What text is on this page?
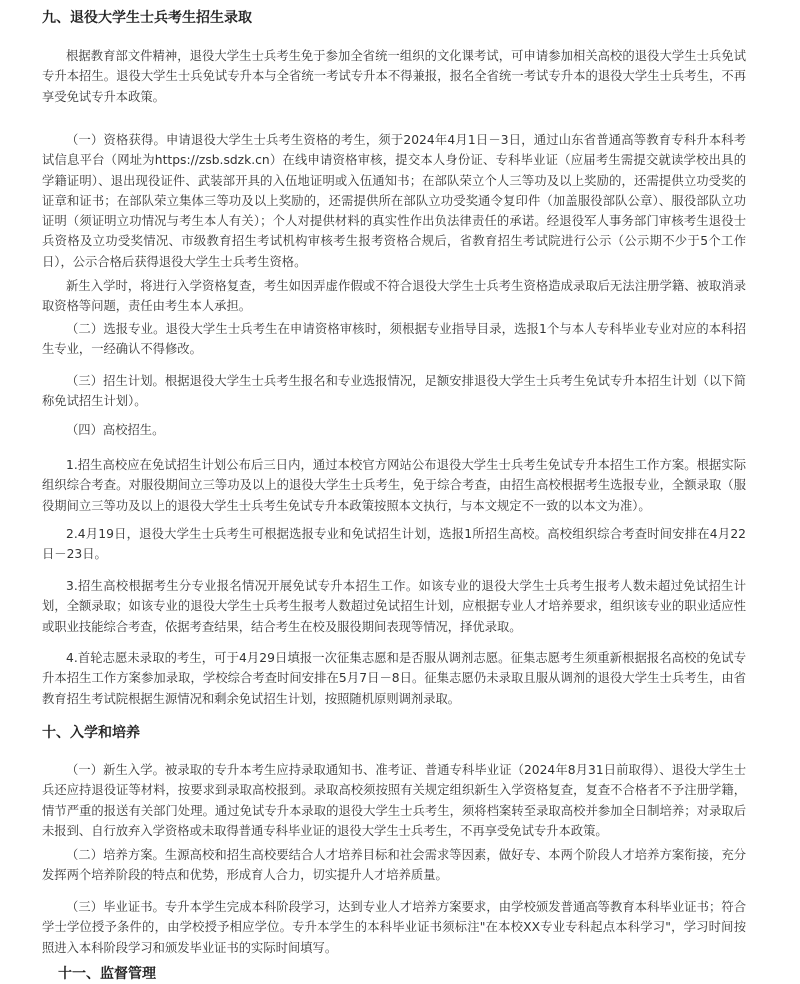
九、退役大学生士兵考生招生录取

根据教育部文件精神，退役大学生士兵考生免于参加全省统一组织的文化课考试，可申请参加相关高校的退役大学生士兵免试专升本招生。退役大学生士兵免试专升本与全省统一考试专升本不得兼报，报名全省统一考试专升本的退役大学生士兵考生，不再享受免试专升本政策。

（一）资格获得。申请退役大学生士兵考生资格的考生，须于2024年4月1日－3日，通过山东省普通高等教育专科升本科考试信息平台（网址为https://zsb.sdzk.cn）在线申请资格审核，提交本人身份证、专科毕业证（应届考生需提交就读学校出具的学籍证明）、退出现役证件、武装部开具的入伍地证明或入伍通知书；在部队荣立个人三等功及以上奖励的，还需提供立功受奖的证章和证书；在部队荣立集体三等功及以上奖励的，还需提供所在部队立功受奖通令复印件（加盖服役部队公章）、服役部队立功证明（须证明立功情况与考生本人有关）；个人对提供材料的真实性作出负法律责任的承诺。经退役军人事务部门审核考生退役士兵资格及立功受奖情况、市级教育招生考试机构审核考生报考资格合规后，省教育招生考试院进行公示（公示期不少于5个工作日），公示合格后获得退役大学生士兵考生资格。

新生入学时，将进行入学资格复查，考生如因弄虚作假或不符合退役大学生士兵考生资格造成录取后无法注册学籍、被取消录取资格等问题，责任由考生本人承担。

（二）选报专业。退役大学生士兵考生在申请资格审核时，须根据专业指导目录，选报1个与本人专科毕业专业对应的本科招生专业，一经确认不得修改。

（三）招生计划。根据退役大学生士兵考生报名和专业选报情况，足额安排退役大学生士兵考生免试专升本招生计划（以下简称免试招生计划）。

（四）高校招生。

1.招生高校应在免试招生计划公布后三日内，通过本校官方网站公布退役大学生士兵考生免试专升本招生工作方案。根据实际组织综合考查。对服役期间立三等功及以上的退役大学生士兵考生，免于综合考查，由招生高校根据考生选报专业，全额录取（服役期间立三等功及以上的退役大学生士兵考生免试专升本政策按照本文执行，与本文规定不一致的以本文为准）。

2.4月19日，退役大学生士兵考生可根据选报专业和免试招生计划，选报1所招生高校。高校组织综合考查时间安排在4月22日－23日。

3.招生高校根据考生分专业报名情况开展免试专升本招生工作。如该专业的退役大学生士兵考生报考人数未超过免试招生计划，全额录取；如该专业的退役大学生士兵考生报考人数超过免试招生计划，应根据专业人才培养要求，组织该专业的职业适应性或职业技能综合考查，依据考查结果，结合考生在校及服役期间表现等情况，择优录取。

4.首轮志愿未录取的考生，可于4月29日填报一次征集志愿和是否服从调剂志愿。征集志愿考生须重新根据报名高校的免试专升本招生工作方案参加录取，学校综合考查时间安排在5月7日－8日。征集志愿仍未录取且服从调剂的退役大学生士兵考生，由省教育招生考试院根据生源情况和剩余免试招生计划，按照随机原则调剂录取。

十、入学和培养

（一）新生入学。被录取的专升本考生应持录取通知书、准考证、普通专科毕业证（2024年8月31日前取得）、退役大学生士兵还应持退役证等材料，按要求到录取高校报到。录取高校须按照有关规定组织新生入学资格复查，复查不合格者不予注册学籍，情节严重的报送有关部门处理。通过免试专升本录取的退役大学生士兵考生，须将档案转至录取高校并参加全日制培养；对录取后未报到、自行放弃入学资格或未取得普通专科毕业证的退役大学生士兵考生，不再享受免试专升本政策。

（二）培养方案。生源高校和招生高校要结合人才培养目标和社会需求等因素，做好专、本两个阶段人才培养方案衔接，充分发挥两个培养阶段的特点和优势，形成育人合力，切实提升人才培养质量。

（三）毕业证书。专升本学生完成本科阶段学习，达到专业人才培养方案要求，由学校颁发普通高等教育本科毕业证书；符合学士学位授予条件的，由学校授予相应学位。专升本学生的本科毕业证书须标注"在本校XX专业专科起点本科学习"，学习时间按照进入本科阶段学习和颁发毕业证书的实际时间填写。

十一、监督管理
